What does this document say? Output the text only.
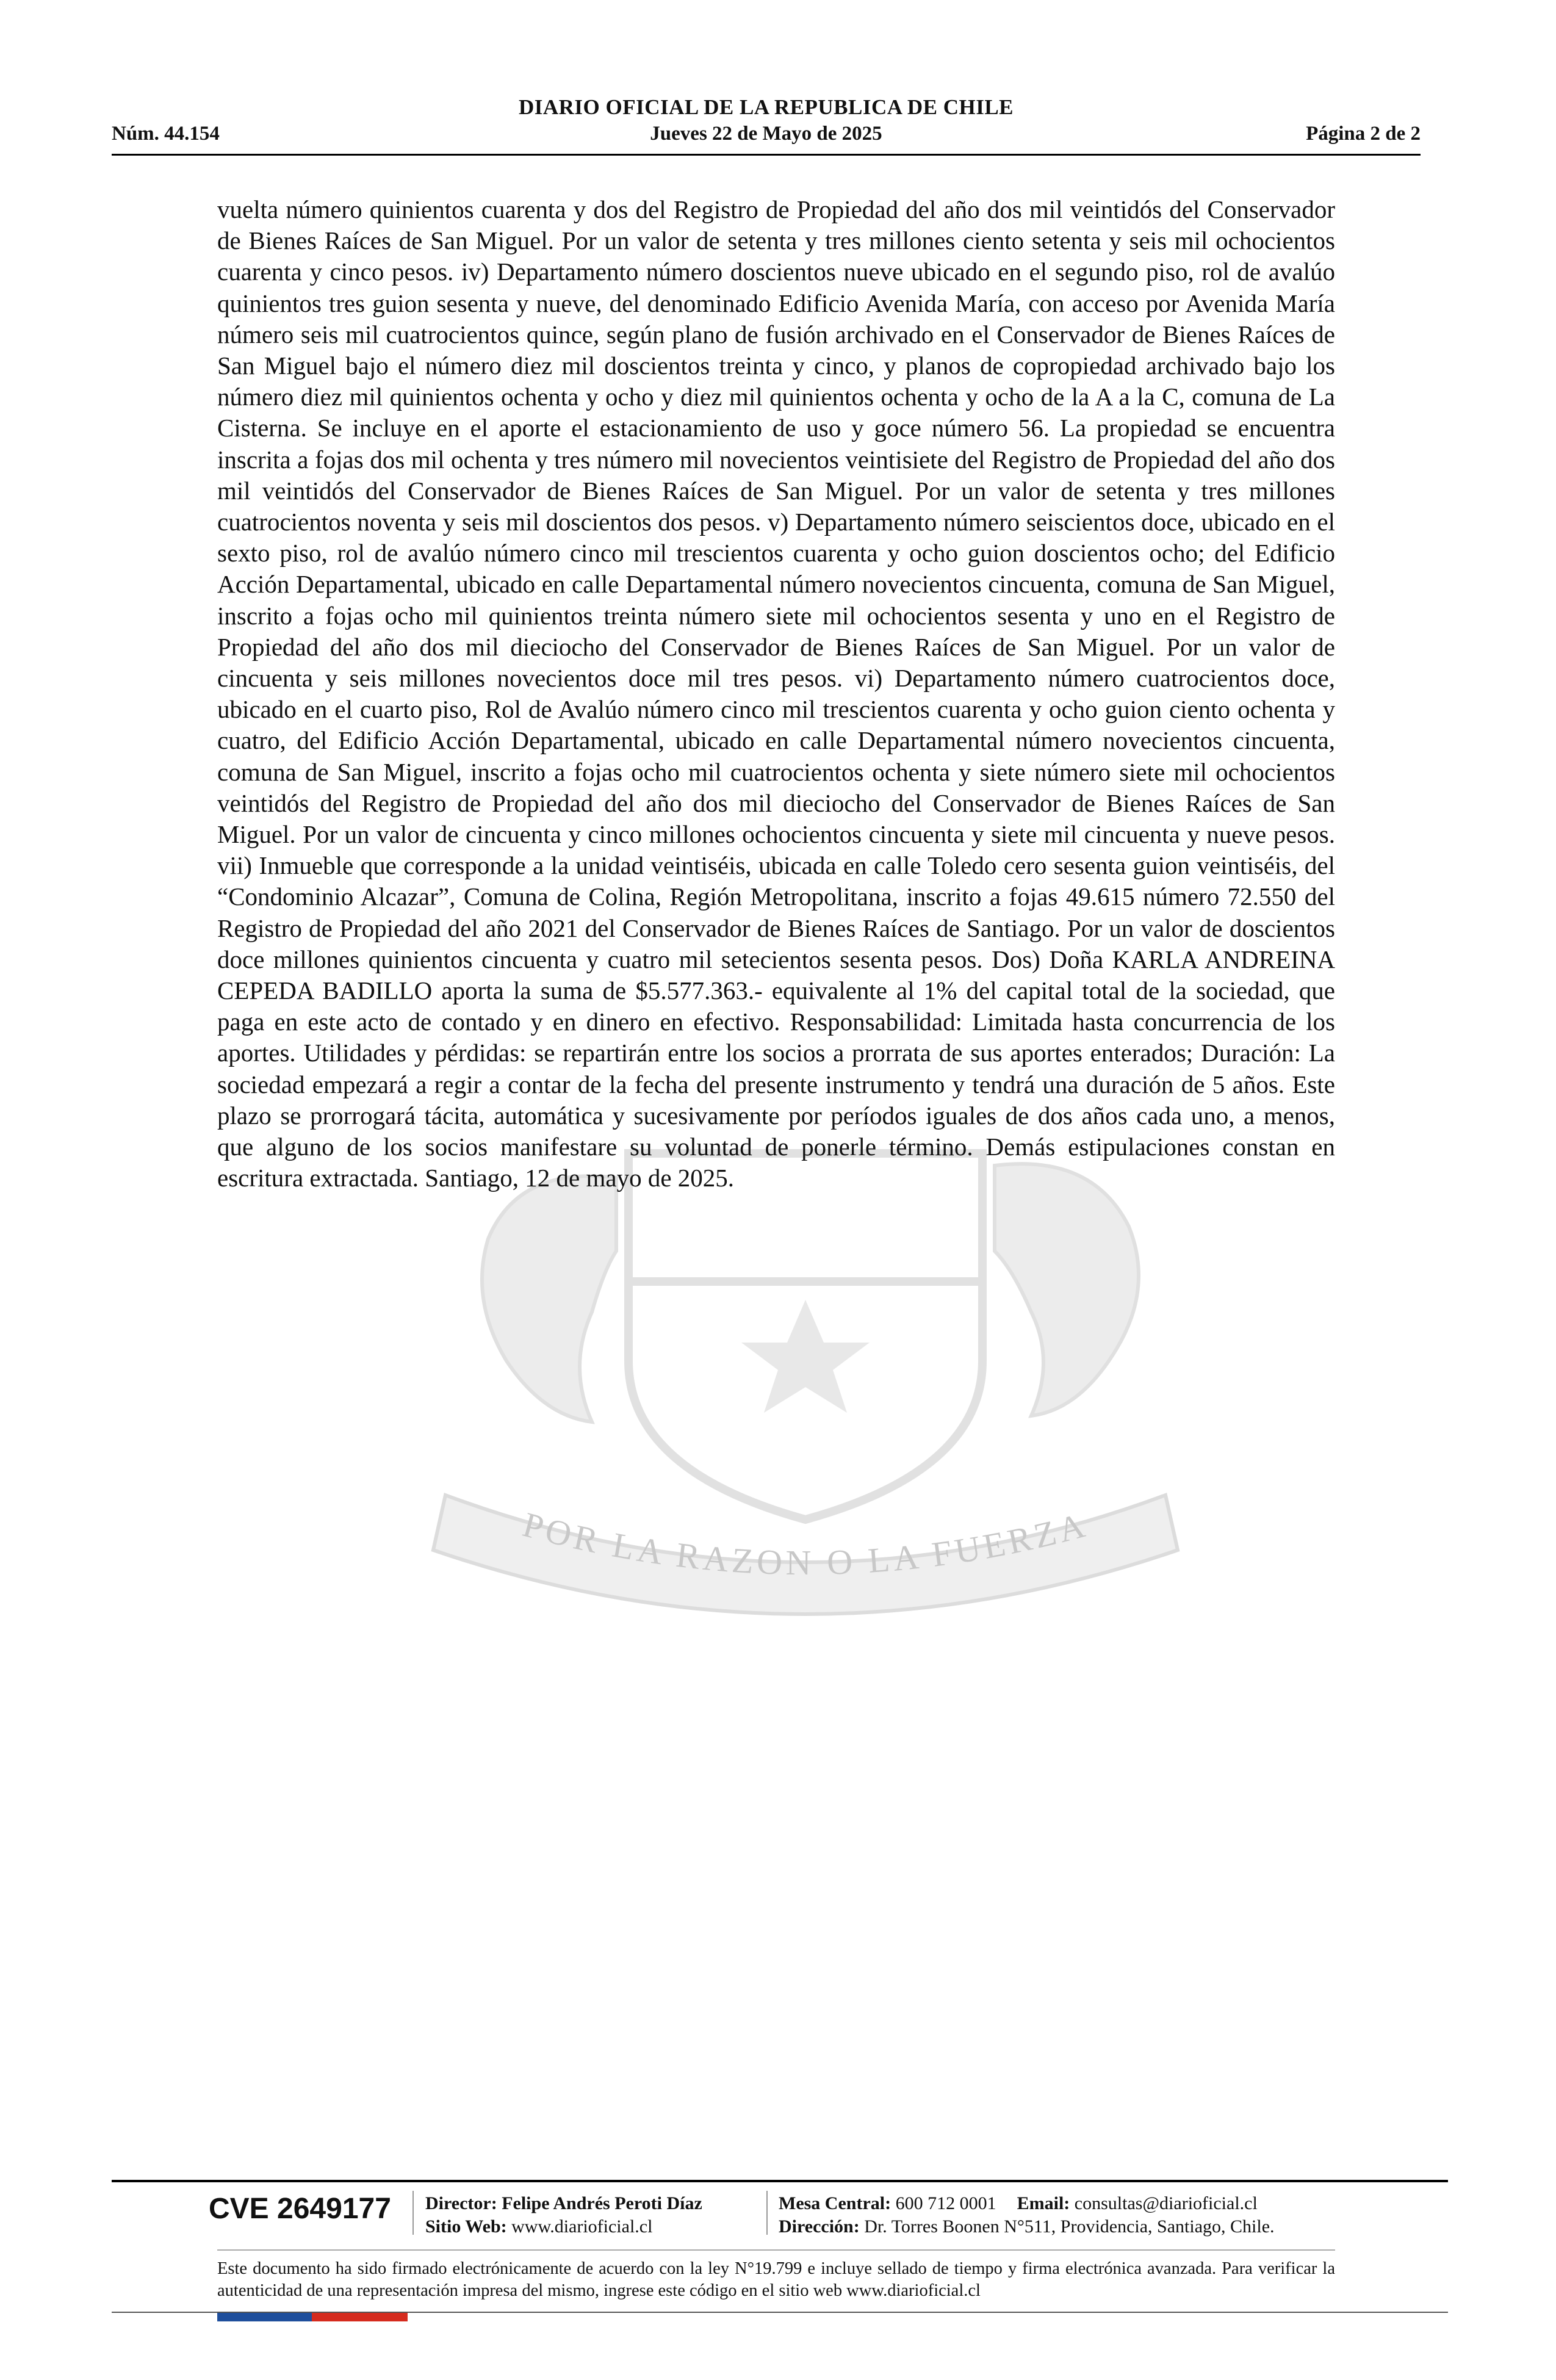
DIARIO OFICIAL DE LA REPUBLICA DE CHILE
Núm. 44.154	Jueves 22 de Mayo de 2025	Página 2 de 2
POR LA RAZON O LA FUERZA
vuelta número quinientos cuarenta y dos del Registro de Propiedad del año dos mil veintidós del Conservador de Bienes Raíces de San Miguel. Por un valor de setenta y tres millones ciento setenta y seis mil ochocientos cuarenta y cinco pesos. iv) Departamento número doscientos nueve ubicado en el segundo piso, rol de avalúo quinientos tres guion sesenta y nueve, del denominado Edificio Avenida María, con acceso por Avenida María número seis mil cuatrocientos quince, según plano de fusión archivado en el Conservador de Bienes Raíces de San Miguel bajo el número diez mil doscientos treinta y cinco, y planos de copropiedad archivado bajo los número diez mil quinientos ochenta y ocho y diez mil quinientos ochenta y ocho de la A a la C, comuna de La Cisterna. Se incluye en el aporte el estacionamiento de uso y goce número 56. La propiedad se encuentra inscrita a fojas dos mil ochenta y tres número mil novecientos veintisiete del Registro de Propiedad del año dos mil veintidós del Conservador de Bienes Raíces de San Miguel. Por un valor de setenta y tres millones cuatrocientos noventa y seis mil doscientos dos pesos. v) Departamento número seiscientos doce, ubicado en el sexto piso, rol de avalúo número cinco mil trescientos cuarenta y ocho guion doscientos ocho; del Edificio Acción Departamental, ubicado en calle Departamental número novecientos cincuenta, comuna de San Miguel, inscrito a fojas ocho mil quinientos treinta número siete mil ochocientos sesenta y uno en el Registro de Propiedad del año dos mil dieciocho del Conservador de Bienes Raíces de San Miguel. Por un valor de cincuenta y seis millones novecientos doce mil tres pesos. vi) Departamento número cuatrocientos doce, ubicado en el cuarto piso, Rol de Avalúo número cinco mil trescientos cuarenta y ocho guion ciento ochenta y cuatro, del Edificio Acción Departamental, ubicado en calle Departamental número novecientos cincuenta, comuna de San Miguel, inscrito a fojas ocho mil cuatrocientos ochenta y siete número siete mil ochocientos veintidós del Registro de Propiedad del año dos mil dieciocho del Conservador de Bienes Raíces de San Miguel. Por un valor de cincuenta y cinco millones ochocientos cincuenta y siete mil cincuenta y nueve pesos. vii) Inmueble que corresponde a la unidad veintiséis, ubicada en calle Toledo cero sesenta guion veintiséis, del “Condominio Alcazar”, Comuna de Colina, Región Metropolitana, inscrito a fojas 49.615 número 72.550 del Registro de Propiedad del año 2021 del Conservador de Bienes Raíces de Santiago. Por un valor de doscientos doce millones quinientos cincuenta y cuatro mil setecientos sesenta pesos. Dos) Doña KARLA ANDREINA CEPEDA BADILLO aporta la suma de $5.577.363.- equivalente al 1% del capital total de la sociedad, que paga en este acto de contado y en dinero en efectivo. Responsabilidad: Limitada hasta concurrencia de los aportes. Utilidades y pérdidas: se repartirán entre los socios a prorrata de sus aportes enterados; Duración: La sociedad empezará a regir a contar de la fecha del presente instrumento y tendrá una duración de 5 años. Este plazo se prorrogará tácita, automática y sucesivamente por períodos iguales de dos años cada uno, a menos, que alguno de los socios manifestare su voluntad de ponerle término. Demás estipulaciones constan en escritura extractada. Santiago, 12 de mayo de 2025.
CVE 2649177	Director: Felipe Andrés Peroti Díaz
Sitio Web: www.diarioficial.cl
Mesa Central: 600 712 0001 Email: consultas@diarioficial.cl
Dirección: Dr. Torres Boonen N°511, Providencia, Santiago, Chile.
Este documento ha sido firmado electrónicamente de acuerdo con la ley N°19.799 e incluye sellado de tiempo y firma electrónica avanzada. Para verificar la autenticidad de una representación impresa del mismo, ingrese este código en el sitio web www.diarioficial.cl
